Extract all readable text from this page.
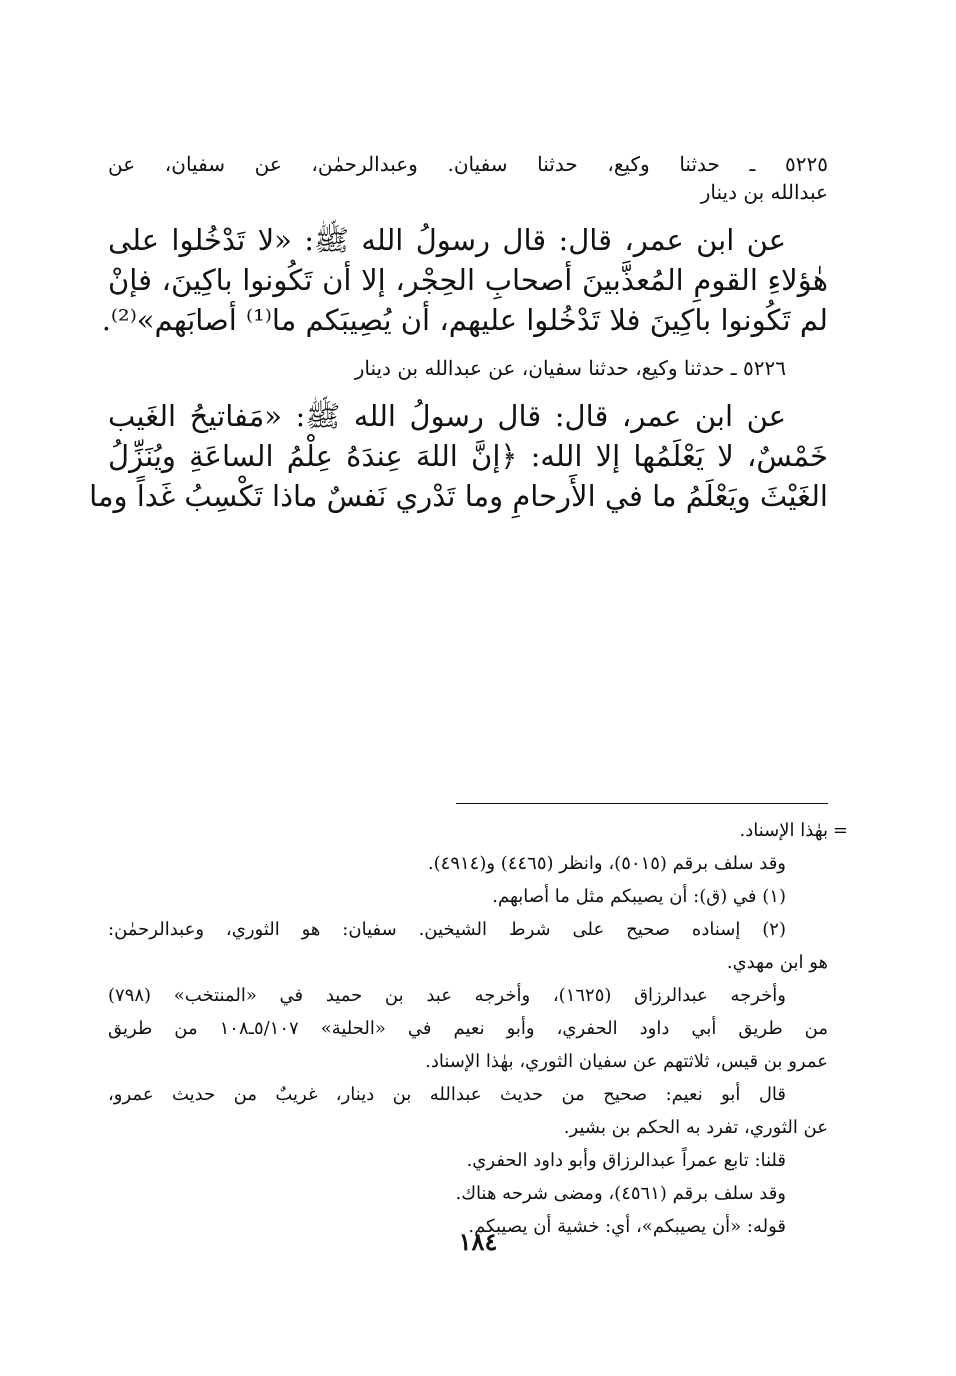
٥٢٢٥ ـ حدثنا وكيع، حدثنا سفيان. وعبدالرحمٰن، عن سفيان، عن
عبدالله بن دينار
عن ابن عمر، قال: قال رسولُ الله ﷺ: «لا تَدْخُلوا على
هٰؤلاءِ القومِ المُعذَّبينَ أصحابِ الحِجْر، إلا أن تَكُونوا باكِينَ، فإنْ
لم تَكُونوا باكِينَ فلا تَدْخُلوا عليهم، أن يُصِيبَكم ما⁽¹⁾ أصابَهم»⁽²⁾.
٥٢٢٦ ـ حدثنا وكيع، حدثنا سفيان، عن عبدالله بن دينار
عن ابن عمر، قال: قال رسولُ الله ﷺ: «مَفاتيحُ الغَيب
خَمْسٌ، لا يَعْلَمُها إلا الله: ﴿إنَّ اللهَ عِندَهُ عِلْمُ الساعَةِ ويُنَزِّلُ
الغَيْثَ ويَعْلَمُ ما في الأَرحامِ وما تَدْري نَفسٌ ماذا تَكْسِبُ غَداً وما
=
بهٰذا الإسناد.
وقد سلف برقم (٥٠١٥)، وانظر (٤٤٦٥) و(٤٩١٤).
(١) في (ق): أن يصيبكم مثل ما أصابهم.
(٢) إسناده صحيح على شرط الشيخين. سفيان: هو الثوري، وعبدالرحمٰن:
هو ابن مهدي.
وأخرجه عبدالرزاق (١٦٢٥)، وأخرجه عبد بن حميد في «المنتخب» (٧٩٨)
من طريق أبي داود الحفري، وأبو نعيم في «الحلية» ٥/١٠٧ـ١٠٨ من طريق
عمرو بن قيس، ثلاثتهم عن سفيان الثوري، بهٰذا الإسناد.
قال أبو نعيم: صحيح من حديث عبدالله بن دينار، غريبٌ من حديث عمرو،
عن الثوري، تفرد به الحكم بن بشير.
قلنا: تابع عمراً عبدالرزاق وأبو داود الحفري.
وقد سلف برقم (٤٥٦١)، ومضى شرحه هناك.
قوله: «أن يصيبكم»، أي: خشية أن يصيبكم.
١٨٤
